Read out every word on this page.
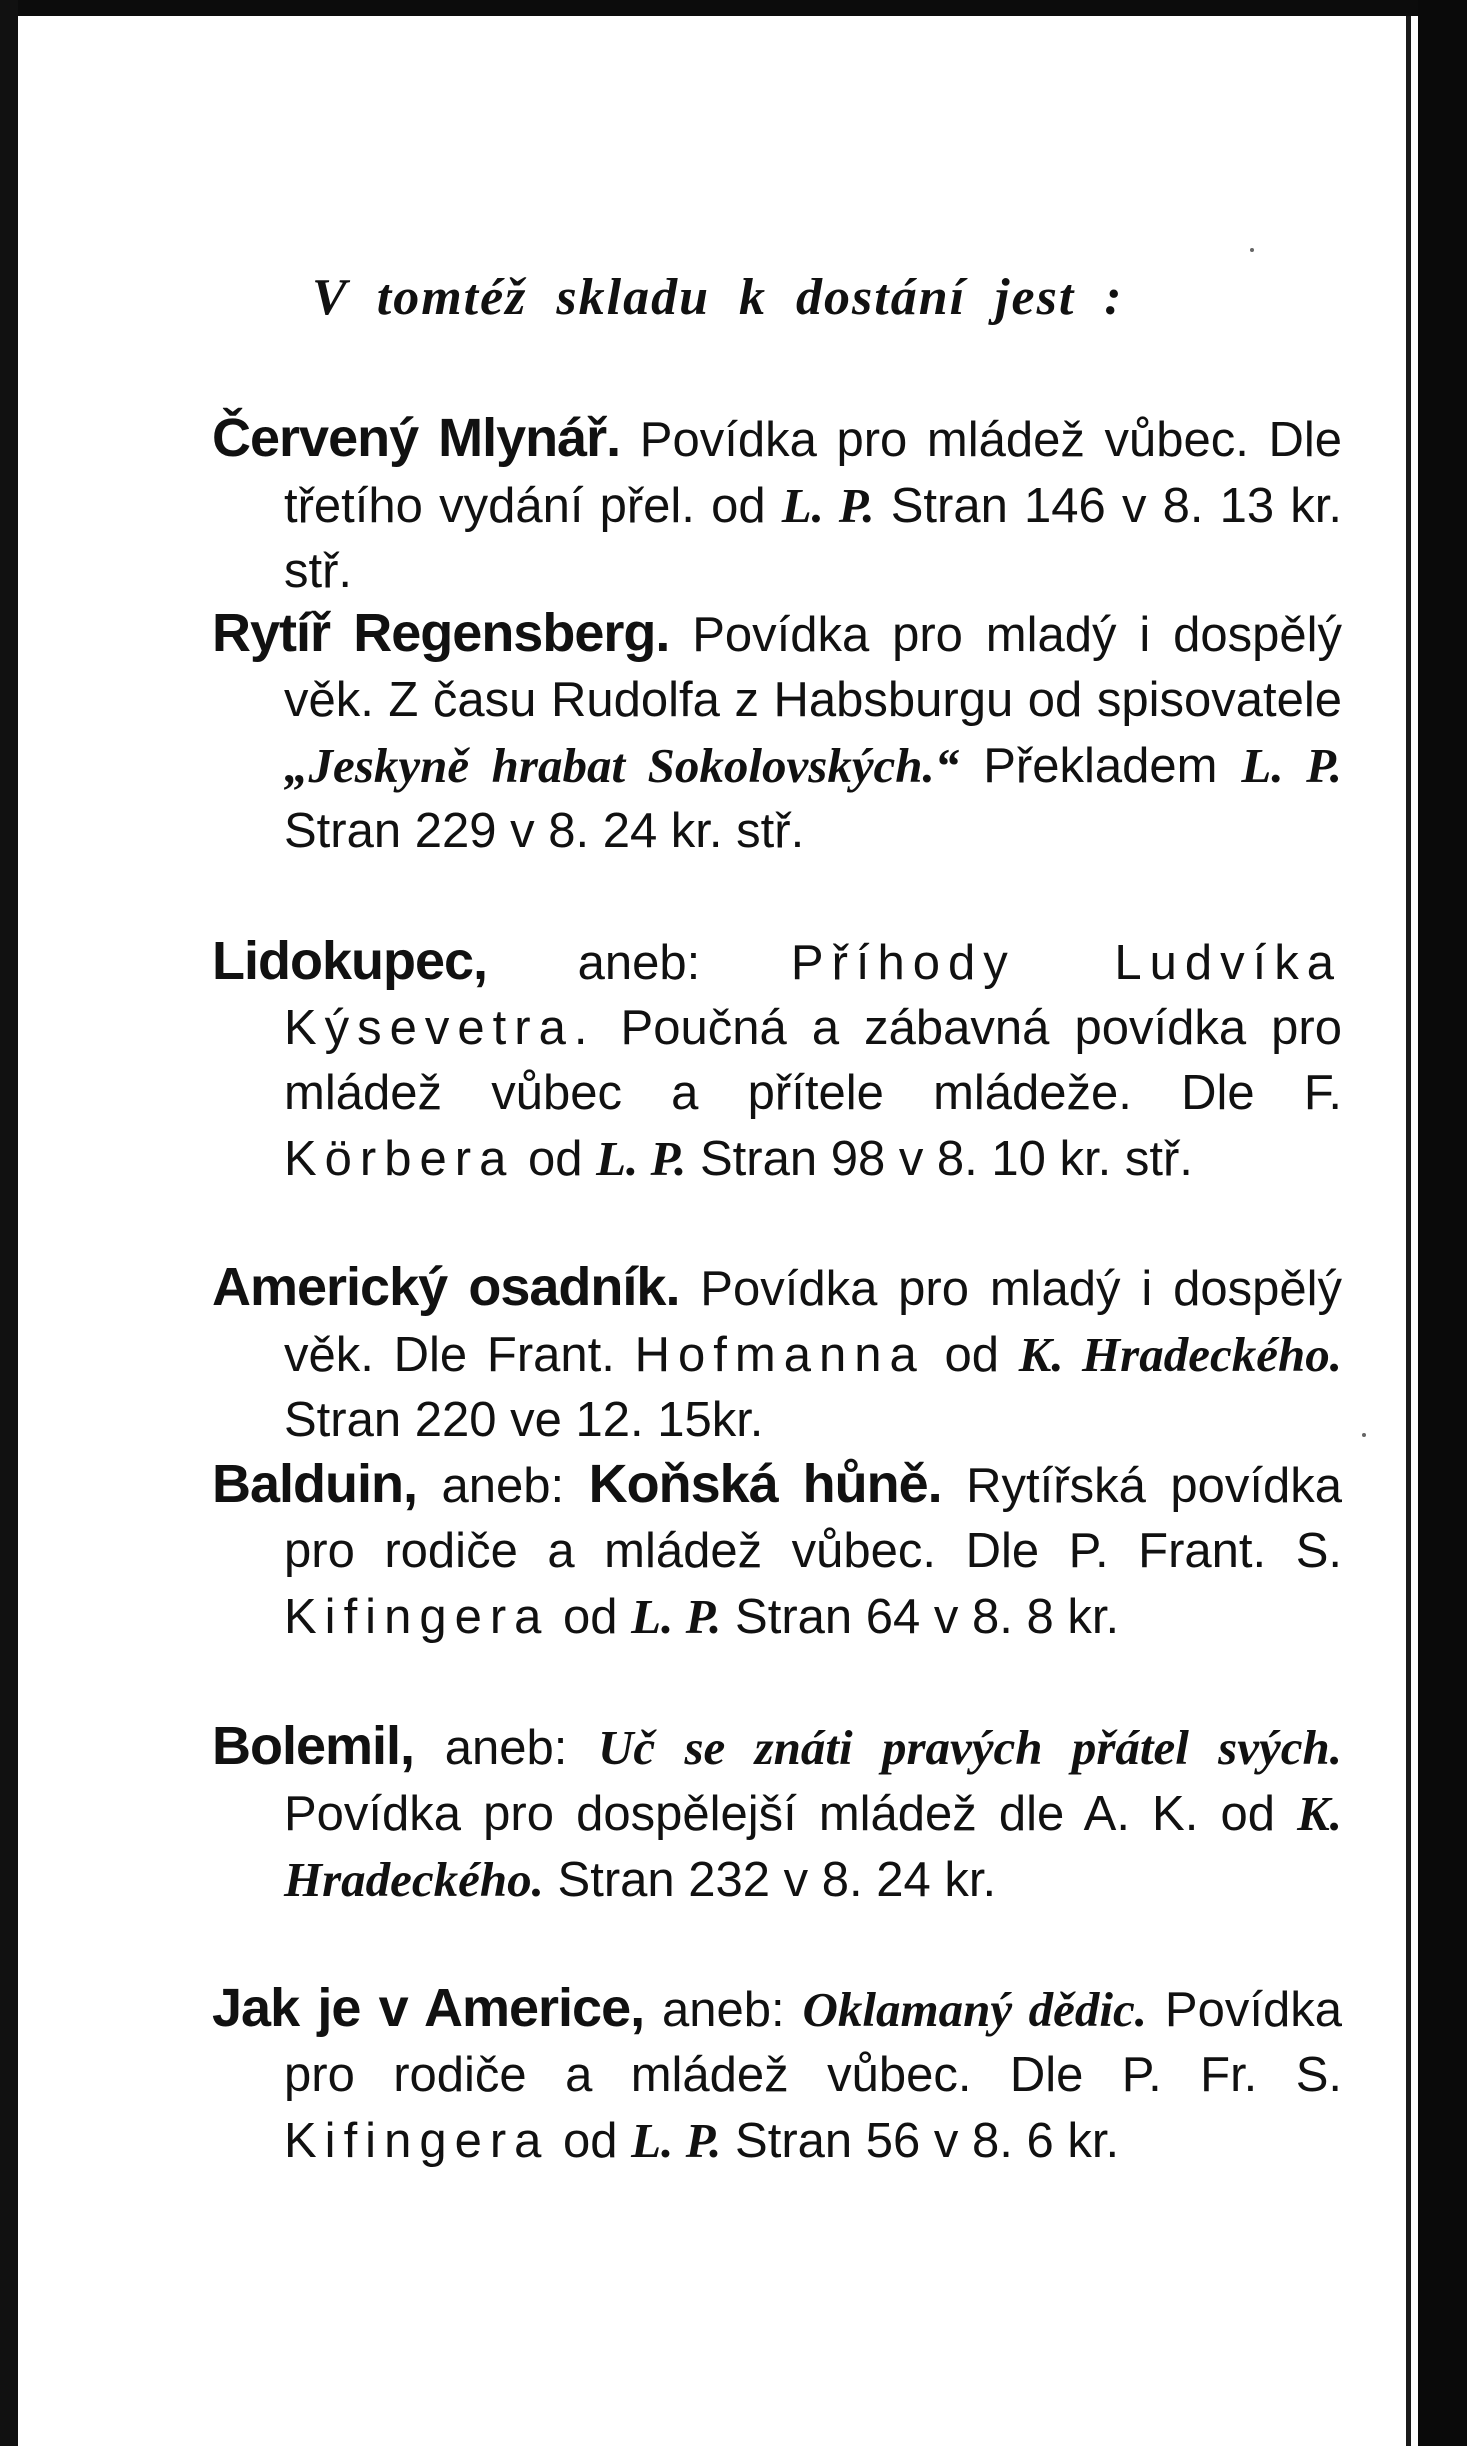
V tomtéž skladu k dostání jest :

Červený Mlynář. Povídka pro mládež vůbec. Dle třetího vydání přel. od L. P. Stran 146 v 8. 13 kr. stř.

Rytíř Regensberg. Povídka pro mladý i dospělý věk. Z času Rudolfa z Habsburgu od spisovatele „Jeskyně hrabat Sokolovských.“ Překladem L. P. Stran 229 v 8. 24 kr. stř.

Lidokupec, aneb: Příhody Ludvíka Kýsevetra. Poučná a zábavná povídka pro mládež vůbec a přítele mládeže. Dle F. Körbera od L. P. Stran 98 v 8. 10 kr. stř.

Americký osadník. Povídka pro mladý i dospělý věk. Dle Frant. Hofmanna od K. Hradeckého. Stran 220 ve 12. 15kr.

Balduin, aneb: Koňská hůně. Rytířská povídka pro rodiče a mládež vůbec. Dle P. Frant. S. Kifingera od L. P. Stran 64 v 8. 8 kr.

Bolemil, aneb: Uč se znáti pravých přátel svých. Povídka pro dospělejší mládež dle A. K. od K. Hradeckého. Stran 232 v 8. 24 kr.

Jak je v Americe, aneb: Oklamaný dědic. Povídka pro rodiče a mládež vůbec. Dle P. Fr. S. Kifingera od L. P. Stran 56 v 8. 6 kr.
